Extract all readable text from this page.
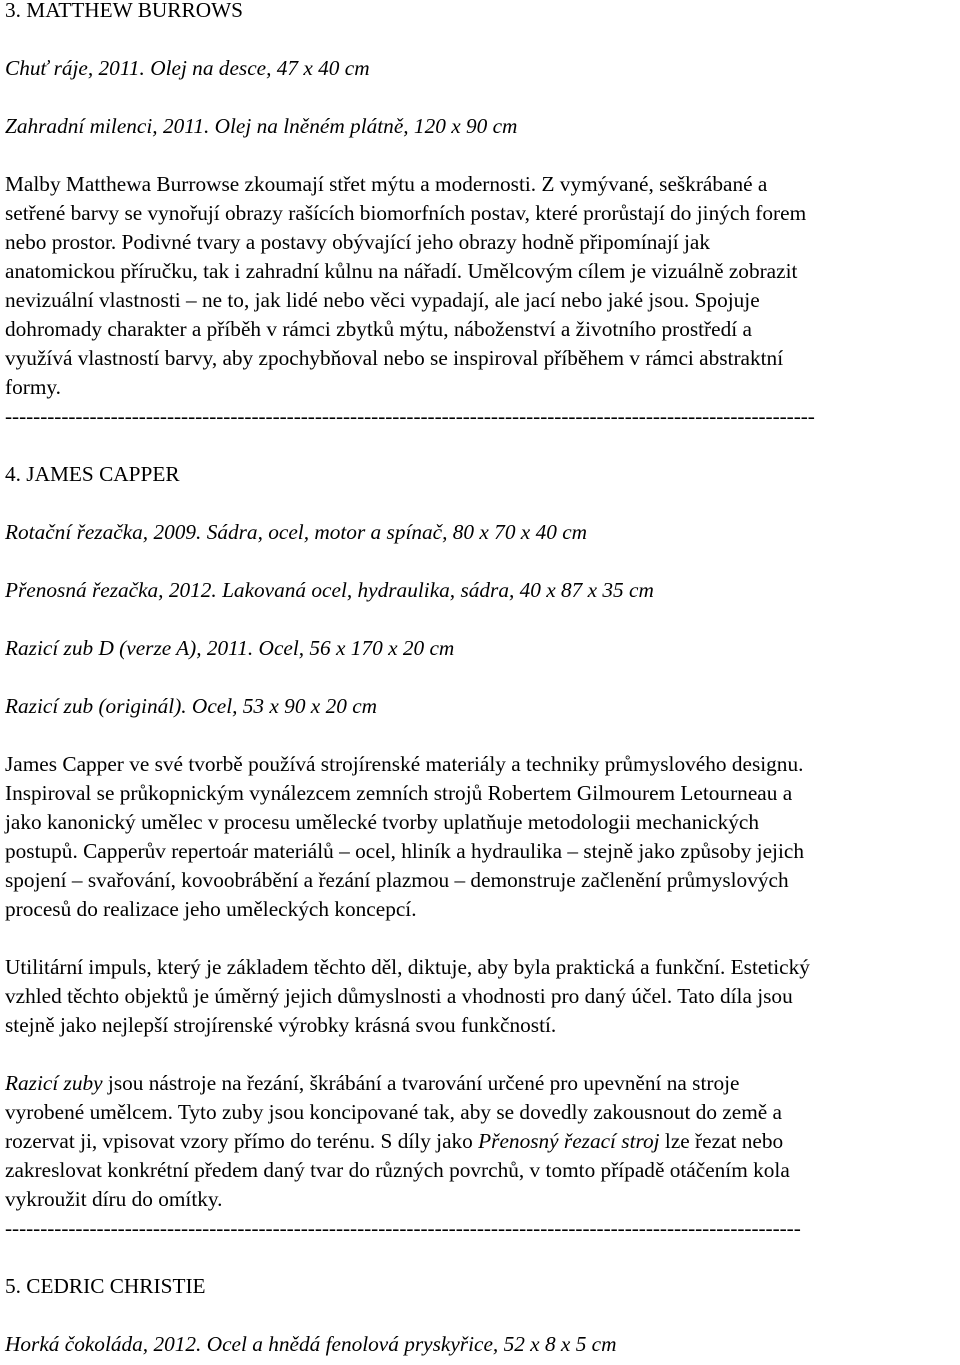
3. MATTHEW BURROWS
Chuť ráje, 2011. Olej na desce, 47 x 40 cm
Zahradní milenci, 2011. Olej na lněném plátně, 120 x 90 cm
Malby Matthewa Burrowse zkoumají střet mýtu a modernosti. Z vymývané, seškrábané a
setřené barvy se vynořují obrazy rašících biomorfních postav, které prorůstají do jiných forem
nebo prostor. Podivné tvary a postavy obývající jeho obrazy hodně připomínají jak
anatomickou příručku, tak i zahradní kůlnu na nářadí. Umělcovým cílem je vizuálně zobrazit
nevizuální vlastnosti – ne to, jak lidé nebo věci vypadají, ale jací nebo jaké jsou. Spojuje
dohromady charakter a příběh v rámci zbytků mýtu, náboženství a životního prostředí a
využívá vlastností barvy, aby zpochybňoval nebo se inspiroval příběhem v rámci abstraktní
formy.
-------------------------------------------------------------------------------------------------------------------
4. JAMES CAPPER
Rotační řezačka, 2009. Sádra, ocel, motor a spínač, 80 x 70 x 40 cm
Přenosná řezačka, 2012. Lakovaná ocel, hydraulika, sádra, 40 x 87 x 35 cm
Razicí zub D (verze A), 2011. Ocel, 56 x 170 x 20 cm
Razicí zub (originál). Ocel, 53 x 90 x 20 cm
James Capper ve své tvorbě používá strojírenské materiály a techniky průmyslového designu.
Inspiroval se průkopnickým vynálezcem zemních strojů Robertem Gilmourem Letourneau a
jako kanonický umělec v procesu umělecké tvorby uplatňuje metodologii mechanických
postupů. Capperův repertoár materiálů – ocel, hliník a hydraulika – stejně jako způsoby jejich
spojení – svařování, kovoobrábění a řezání plazmou – demonstruje začlenění průmyslových
procesů do realizace jeho uměleckých koncepcí.
Utilitární impuls, který je základem těchto děl, diktuje, aby byla praktická a funkční. Estetický
vzhled těchto objektů je úměrný jejich důmyslnosti a vhodnosti pro daný účel. Tato díla jsou
stejně jako nejlepší strojírenské výrobky krásná svou funkčností.
Razicí zuby jsou nástroje na řezání, škrábání a tvarování určené pro upevnění na stroje
vyrobené umělcem. Tyto zuby jsou koncipované tak, aby se dovedly zakousnout do země a
rozervat ji, vpisovat vzory přímo do terénu. S díly jako Přenosný řezací stroj lze řezat nebo
zakreslovat konkrétní předem daný tvar do různých povrchů, v tomto případě otáčením kola
vykroužit díru do omítky.
-----------------------------------------------------------------------------------------------------------------
5. CEDRIC CHRISTIE
Horká čokoláda, 2012. Ocel a hnědá fenolová pryskyřice, 52 x 8 x 5 cm
